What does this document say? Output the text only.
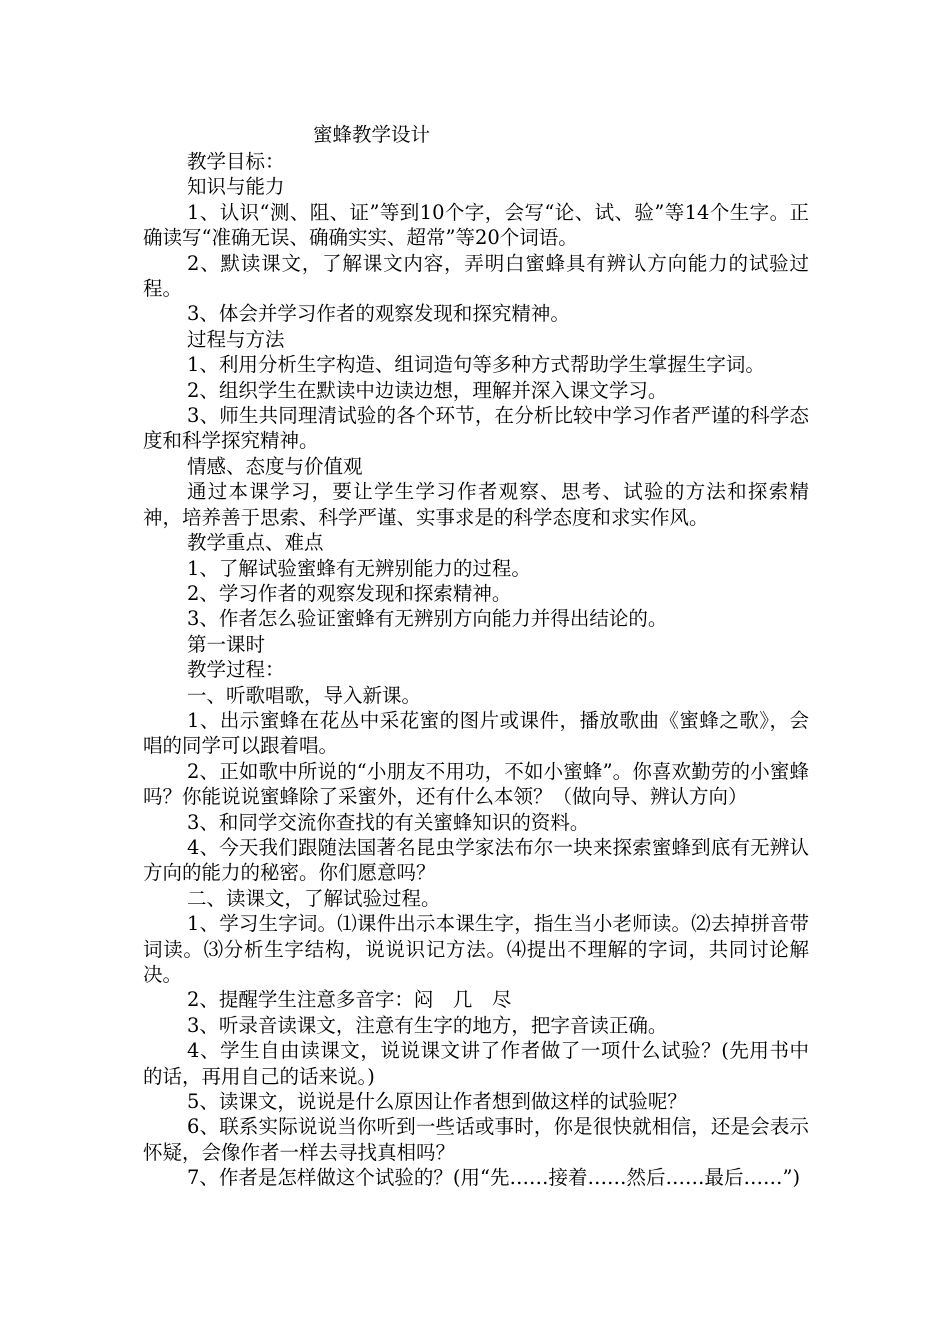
蜜蜂教学设计

教学目标：

知识与能力

1、认识“测、阻、证”等到10个字，会写“论、试、验”等14个生字。正确读写“准确无误、确确实实、超常”等20个词语。

2、默读课文，了解课文内容，弄明白蜜蜂具有辨认方向能力的试验过程。

3、体会并学习作者的观察发现和探究精神。

过程与方法

1、利用分析生字构造、组词造句等多种方式帮助学生掌握生字词。

2、组织学生在默读中边读边想，理解并深入课文学习。

3、师生共同理清试验的各个环节，在分析比较中学习作者严谨的科学态度和科学探究精神。

情感、态度与价值观

通过本课学习，要让学生学习作者观察、思考、试验的方法和探索精神，培养善于思索、科学严谨、实事求是的科学态度和求实作风。

教学重点、难点

1、了解试验蜜蜂有无辨别能力的过程。

2、学习作者的观察发现和探索精神。

3、作者怎么验证蜜蜂有无辨别方向能力并得出结论的。

第一课时

教学过程：

一、听歌唱歌，导入新课。

1、出示蜜蜂在花丛中采花蜜的图片或课件，播放歌曲《蜜蜂之歌》，会唱的同学可以跟着唱。

2、正如歌中所说的“小朋友不用功，不如小蜜蜂”。你喜欢勤劳的小蜜蜂吗？你能说说蜜蜂除了采蜜外，还有什么本领？（做向导、辨认方向）

3、和同学交流你查找的有关蜜蜂知识的资料。

4、今天我们跟随法国著名昆虫学家法布尔一块来探索蜜蜂到底有无辨认方向的能力的秘密。你们愿意吗？

二、读课文，了解试验过程。

1、学习生字词。⑴课件出示本课生字，指生当小老师读。⑵去掉拼音带词读。⑶分析生字结构，说说识记方法。⑷提出不理解的字词，共同讨论解决。

2、提醒学生注意多音字：闷　几　尽

3、听录音读课文，注意有生字的地方，把字音读正确。

4、学生自由读课文，说说课文讲了作者做了一项什么试验？(先用书中的话，再用自己的话来说。)

5、读课文，说说是什么原因让作者想到做这样的试验呢？

6、联系实际说说当你听到一些话或事时，你是很快就相信，还是会表示怀疑，会像作者一样去寻找真相吗？

7、作者是怎样做这个试验的？(用“先……接着……然后……最后……”)
